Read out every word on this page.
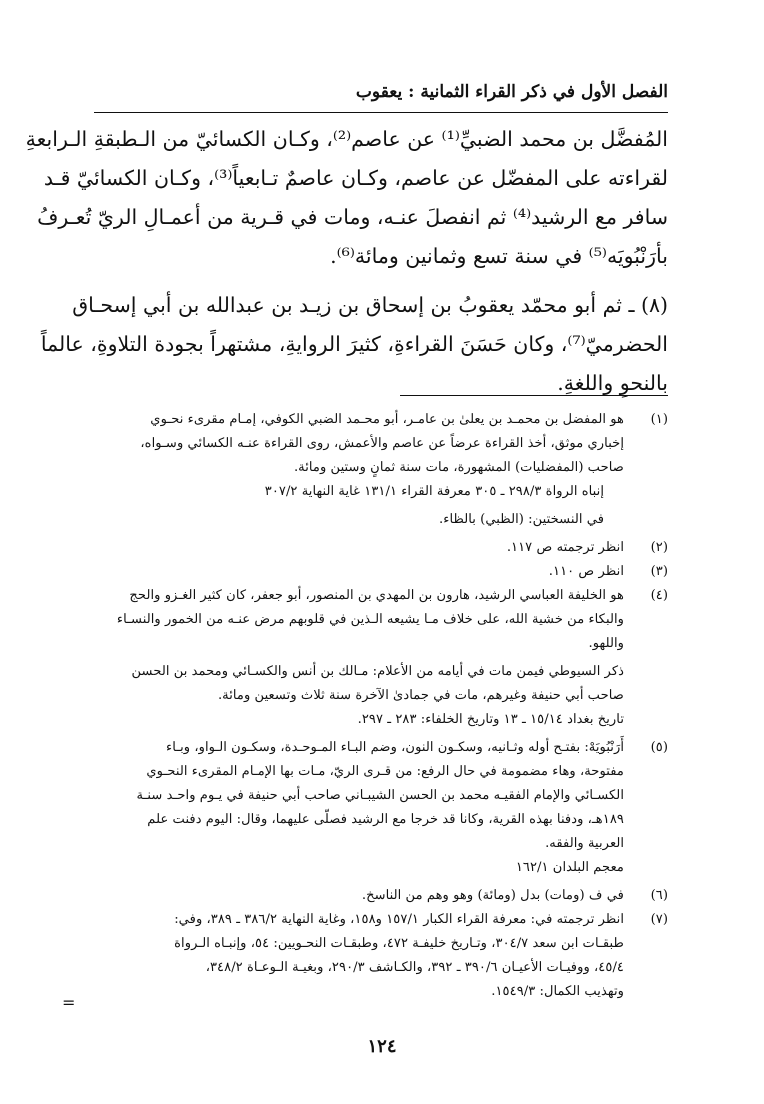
الفصل الأول في ذكر القراء الثمانية : يعقوب

المُفضَّل بن محمد الضبيِّ⁽¹⁾ عن عاصم⁽²⁾، وكـان الكسائيّ من الـطبقةِ الـرابعةِ
لقراءته على المفضّل عن عاصم، وكـان عاصمٌ تـابعياً⁽³⁾، وكـان الكسائيّ قـد
سافر مع الرشيد⁽⁴⁾ ثم انفصلَ عنـه، ومات في قـرية من أعمـالِ الريّ تُعـرفُ
بأرَنْبُويَه⁽⁵⁾ في سنة تسع وثمانين ومائة⁽⁶⁾.

(٨) ـ ثم أبو محمّد يعقوبُ بن إسحاق بن زيـد بن عبدالله بن أبي إسحـاق
الحضرميّ⁽⁷⁾، وكان حَسَنَ القراءةِ، كثيرَ الروايةِ، مشتهراً بجودة التلاوةِ، عالماً
بالنحوِ واللغةِ.

(١)
هو المفضل بن محمـد بن يعلىٰ بن عامـر، أبو محـمد الضبي الكوفي، إمـام مقرىء نحـوي
إخباري موثق، أخذ القراءة عرضاً عن عاصم والأعمش، روى القراءة عنـه الكسائي وسـواه،
صاحب (المفضليات) المشهورة، مات سنة ثمانٍ وستين ومائة.
إنباه الرواة ٢٩٨/٣ ـ ٣٠٥ معرفة القراء ١٣١/١ غاية النهاية ٣٠٧/٢
في النسختين: (الظبي) بالظاء.
(٢)
انظر ترجمته ص ١١٧.
(٣)
انظر ص ١١٠.
(٤)
هو الخليفة العباسي الرشيد، هارون بن المهدي بن المنصور، أبو جعفر، كان كثير الغـزو والحج
والبكاء من خشية الله، على خلاف مـا يشيعه الـذين في قلوبهم مرض عنـه من الخمور والنسـاء
واللهو.
ذكر السيوطي فيمن مات في أيامه من الأعلام: مـالك بن أنس والكسـائي ومحمد بن الحسن
صاحب أبي حنيفة وغيرهم، مات في جمادىٰ الآخرة سنة ثلاث وتسعين ومائة.
تاريخ بغداد ١٥/١٤ ـ ١٣ وتاريخ الخلفاء: ٢٨٣ ـ ٢٩٧.
(٥)
أَرَنْبُويَهْ: بفتـح أوله وثـانيه، وسكـون النون، وضم البـاء المـوحـدة، وسكـون الـواو، وبـاء
مفتوحة، وهاء مضمومة في حال الرفع: من قـرى الريّ، مـات بها الإمـام المقرىء النحـوي
الكسـائي والإمام الفقيـه محمد بن الحسن الشيبـاني صاحب أبي حنيفة في يـوم واحـد سنـة
١٨٩هـ، ودفنا بهذه القرية، وكانا قد خرجا مع الرشيد فصلّى عليهما، وقال: اليوم دفنت علم
العربية والفقه.
معجم البلدان ١٦٢/١
(٦)
في ف (ومات) بدل (ومائة) وهو وهم من الناسخ.
(٧)
انظر ترجمته في: معرفة القراء الكبار ١٥٧/١ و١٥٨، وغاية النهاية ٣٨٦/٢ ـ ٣٨٩، وفي:
طبقـات ابن سعد ٣٠٤/٧، وتـاريخ خليفـة ٤٧٢، وطبقـات النحـويين: ٥٤، وإنبـاه الـرواة
٤٥/٤، ووفيـات الأعيـان ٣٩٠/٦ ـ ٣٩٢، والكـاشف ٢٩٠/٣، وبغيـة الـوعـاة ٣٤٨/٢،
وتهذيب الكمال: ١٥٤٩/٣.
=
١٢٤
